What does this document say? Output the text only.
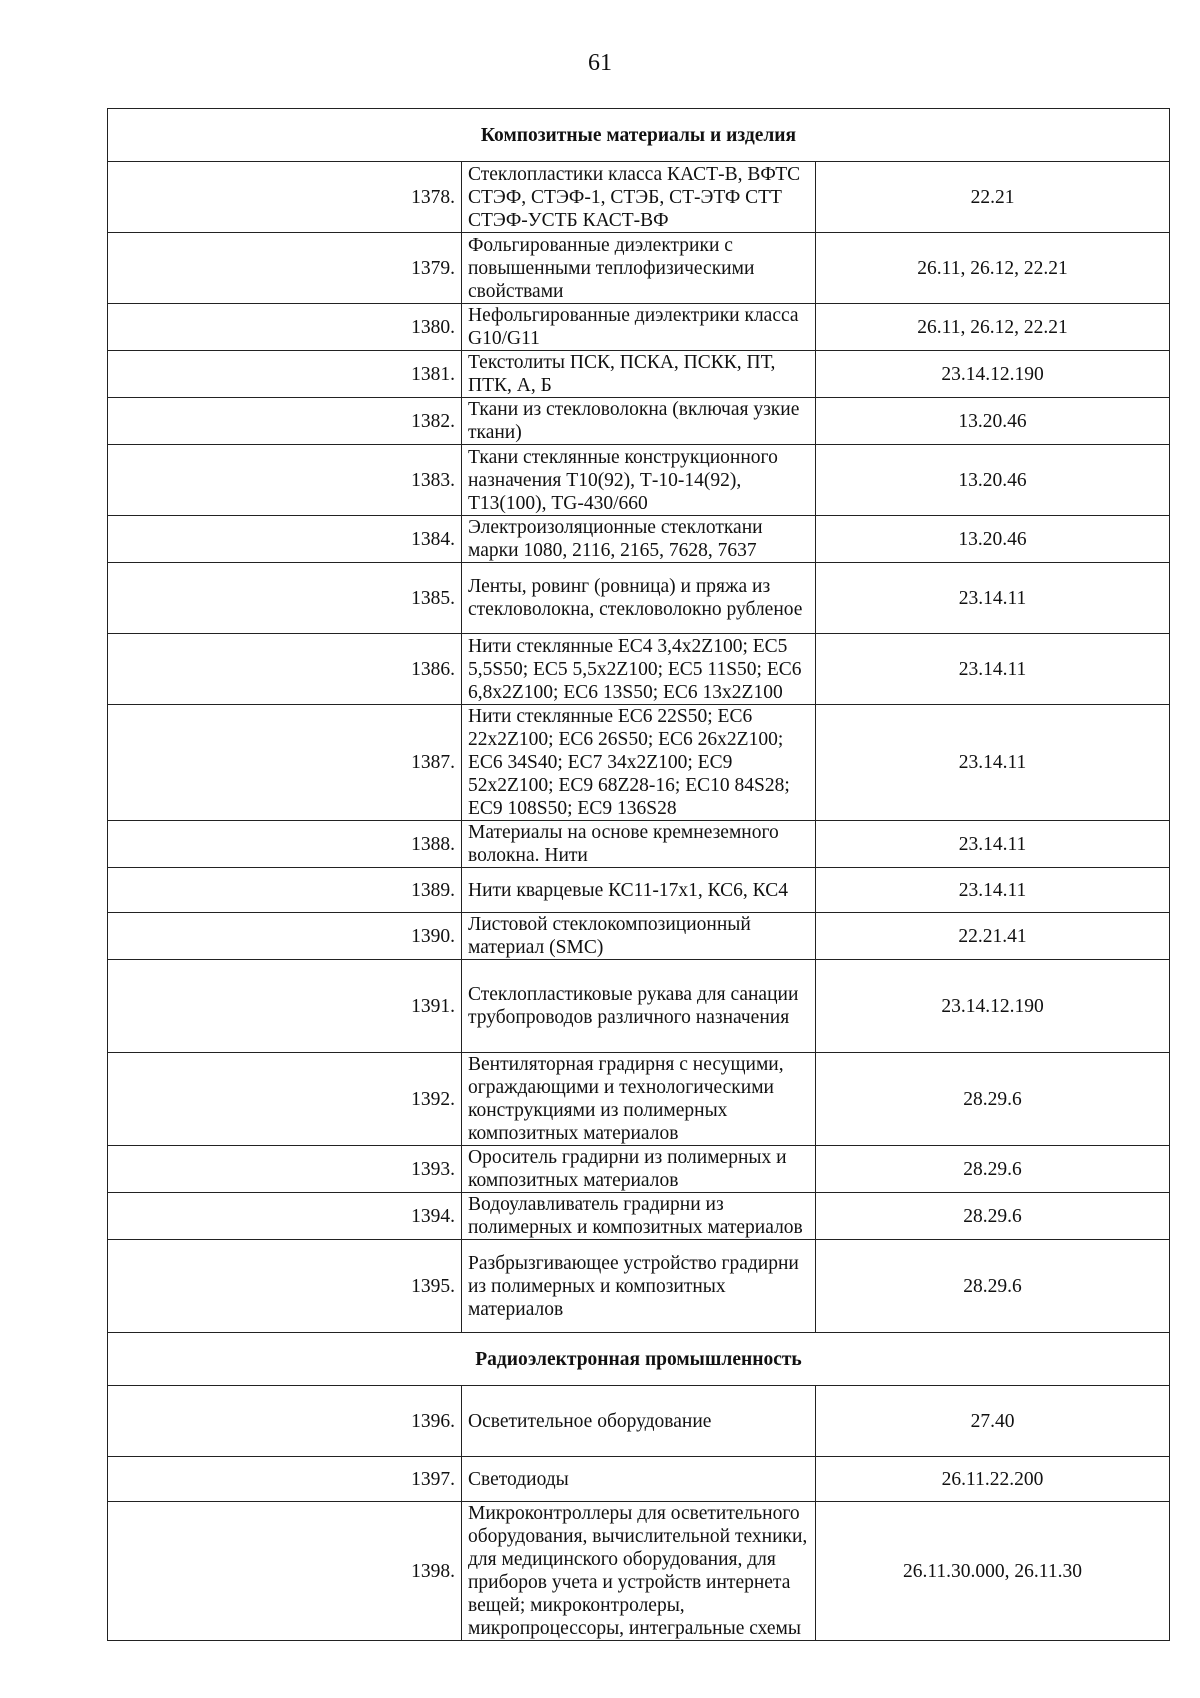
61
Композитные материалы и изделия		
1378.	Стеклопластики класса КАСТ-В, ВФТС СТЭФ, СТЭФ-1, СТЭБ, СТ-ЭТФ СТТ СТЭФ-УСТБ КАСТ-ВФ	22.21
1379.	Фольгированные диэлектрики с повышенными теплофизическими свойствами	26.11, 26.12, 22.21
1380.	Нефольгированные диэлектрики класса G10/G11	26.11, 26.12, 22.21
1381.	Текстолиты ПСК, ПСКА, ПСКК, ПТ, ПТК, А, Б	23.14.12.190
1382.	Ткани из стекловолокна (включая узкие ткани)	13.20.46
1383.	Ткани стеклянные конструкционного назначения Т10(92), Т-10-14(92), Т13(100), TG-430/660	13.20.46
1384.	Электроизоляционные стеклоткани марки 1080, 2116, 2165, 7628, 7637	13.20.46
1385.	Ленты, ровинг (ровница) и пряжа из стекловолокна, стекловолокно рубленое	23.14.11
1386.	Нити стеклянные ЕС4 3,4x2Z100; ЕС5 5,5S50; ЕС5 5,5x2Z100; ЕС5 11S50; ЕС6 6,8x2Z100; ЕС6 13S50; ЕС6 13x2Z100	23.14.11
1387.	Нити стеклянные ЕС6 22S50; ЕС6 22x2Z100; ЕС6 26S50; ЕС6 26x2Z100; ЕС6 34S40; ЕС7 34x2Z100; ЕС9 52x2Z100; ЕС9 68Z28-16; ЕС10 84S28; ЕС9 108S50; ЕС9 136S28	23.14.11
1388.	Материалы на основе кремнеземного волокна. Нити	23.14.11
1389.	Нити кварцевые КС11-17x1, КС6, КС4	23.14.11
1390.	Листовой стеклокомпозиционный материал (SMC)	22.21.41
1391.	Стеклопластиковые рукава для санации трубопроводов различного назначения	23.14.12.190
1392.	Вентиляторная градирня с несущими, ограждающими и технологическими конструкциями из полимерных композитных материалов	28.29.6
1393.	Ороситель градирни из полимерных и композитных материалов	28.29.6
1394.	Водоулавливатель градирни из полимерных и композитных материалов	28.29.6
1395.	Разбрызгивающее устройство градирни из полимерных и композитных материалов	28.29.6
Радиоэлектронная промышленность		
1396.	Осветительное оборудование	27.40
1397.	Светодиоды	26.11.22.200
1398.	Микроконтроллеры для осветительного оборудования, вычислительной техники, для медицинского оборудования, для приборов учета и устройств интернета вещей; микроконтролеры, микропроцессоры, интегральные схемы	26.11.30.000, 26.11.30
